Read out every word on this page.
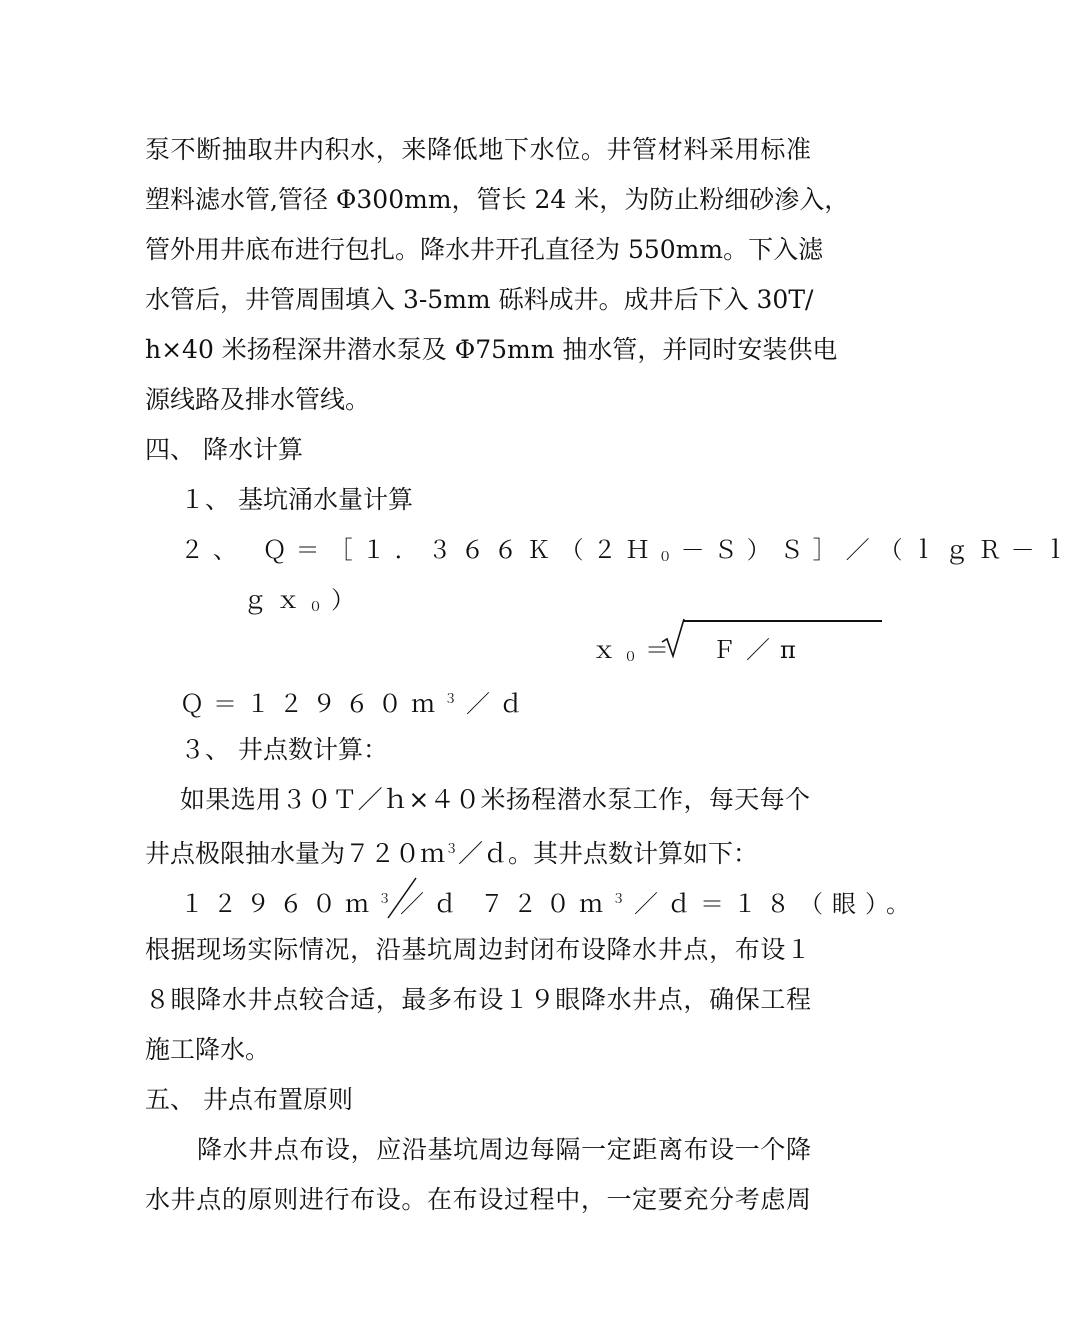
泵不断抽取井内积水，来降低地下水位。井管材料采用标准
塑料滤水管,管径 Φ300mm，管长 24 米，为防止粉细砂渗入，
管外用井底布进行包扎。降水井开孔直径为 550mm。下入滤
水管后，井管周围填入 3-5mm 砾料成井。成井后下入 30T/
h×40 米扬程深井潜水泵及 Φ75mm 抽水管，并同时安装供电
源线路及排水管线。
四、 降水计算
１、 基坑涌水量计算
２、 Ｑ＝［１．３６６Ｋ（２Ｈ$_0$－Ｓ）Ｓ］／（ｌｇＲ－ｌ
ｇｘ$_0$）
ｘ$_0$＝ Ｆ／π
Ｑ＝１２９６０ｍ$^3$／ｄ
３、 井点数计算：
如果选用３０Ｔ／ｈ×４０米扬程潜水泵工作，每天每个
井点极限抽水量为７２０ｍ$^3$／ｄ。其井点数计算如下：
１２９６０ｍ$^3$／ｄ ７２０ｍ$^3$／ｄ＝１８（眼）。
根据现场实际情况，沿基坑周边封闭布设降水井点，布设１
８眼降水井点较合适，最多布设１９眼降水井点，确保工程
施工降水。
五、 井点布置原则
降水井点布设，应沿基坑周边每隔一定距离布设一个降
水井点的原则进行布设。在布设过程中，一定要充分考虑周
